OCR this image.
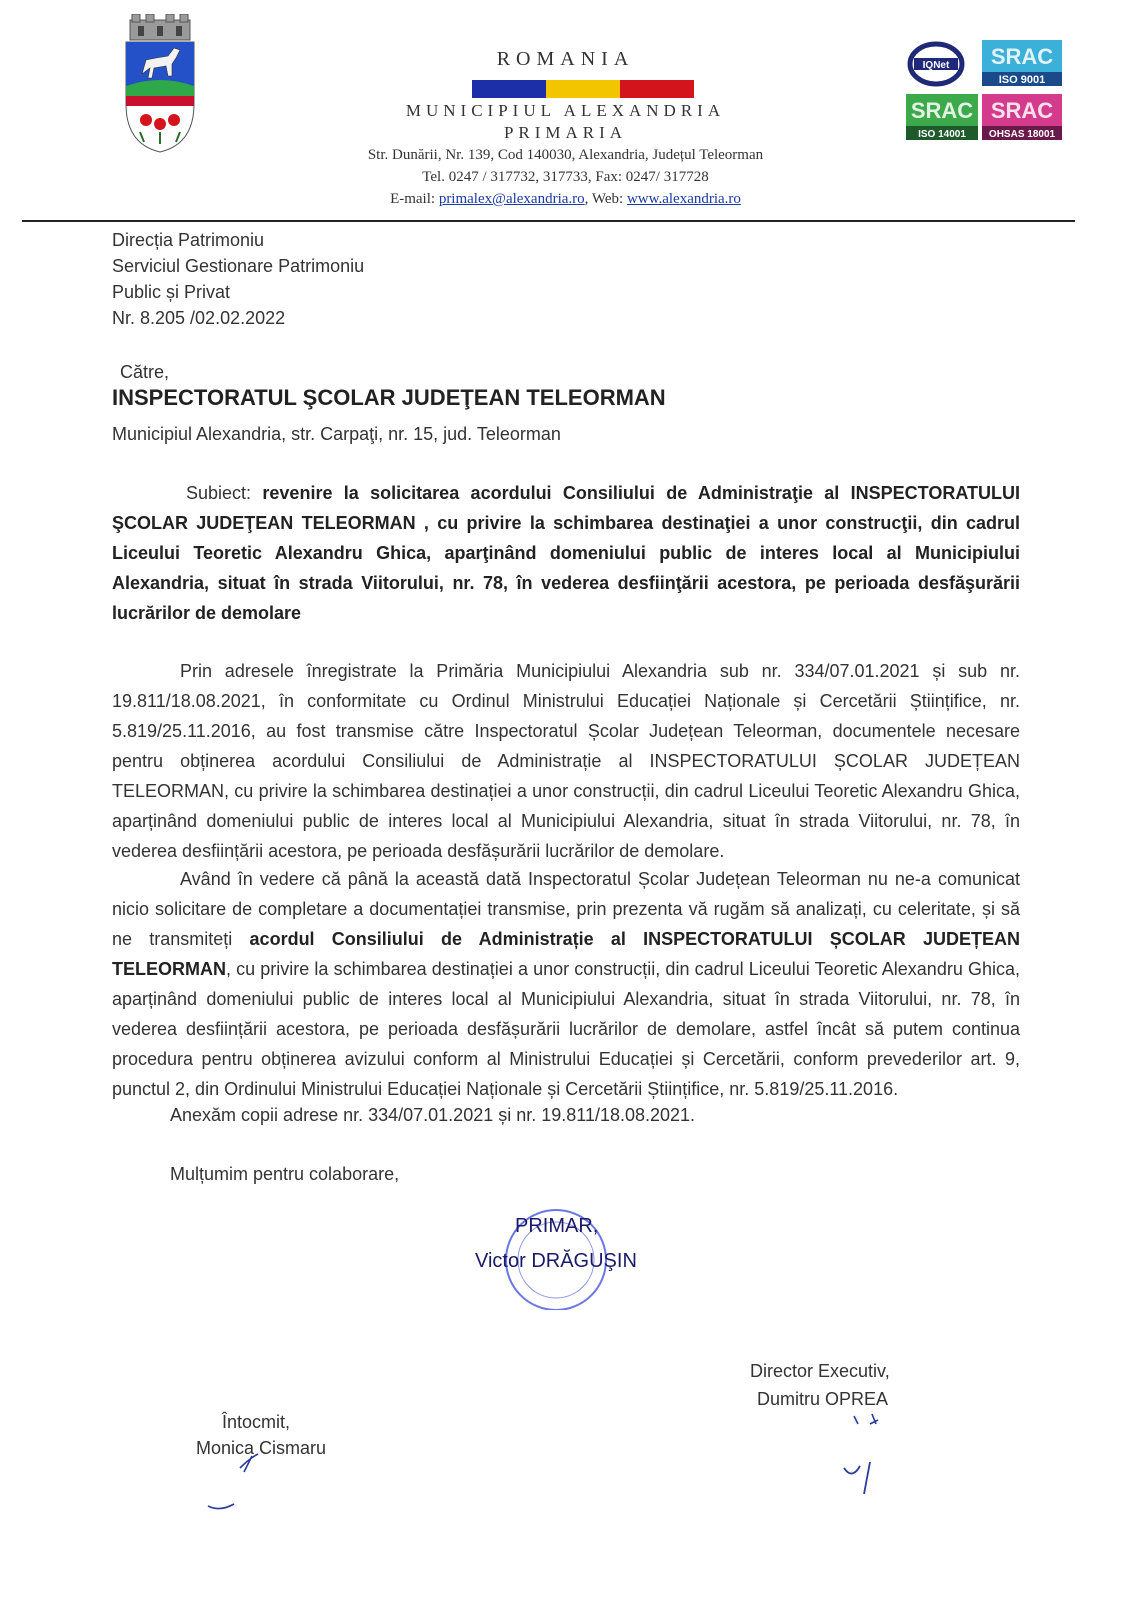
ROMANIA
MUNICIPIUL ALEXANDRIA
PRIMARIA
Str. Dunării, Nr. 139, Cod 140030, Alexandria, Județul Teleorman
Tel. 0247 / 317732, 317733, Fax: 0247/ 317728
E-mail: primalex@alexandria.ro, Web: www.alexandria.ro
IQNet SRAC
ISO 9001
SRAC
ISO 14001
SRAC
OHSAS 18001
Direcția Patrimoniu
Serviciul Gestionare Patrimoniu
Public și Privat
Nr. 8.205 /02.02.2022
Către,
INSPECTORATUL ŞCOLAR JUDEŢEAN TELEORMAN
Municipiul Alexandria, str. Carpaţi, nr. 15, jud. Teleorman
Subiect: revenire la solicitarea acordului Consiliului de Administraţie al INSPECTORATULUI ŞCOLAR JUDEŢEAN TELEORMAN , cu privire la schimbarea destinaţiei a unor construcţii, din cadrul Liceului Teoretic Alexandru Ghica, aparţinând domeniului public de interes local al Municipiului Alexandria, situat în strada Viitorului, nr. 78, în vederea desfiinţării acestora, pe perioada desfăşurării lucrărilor de demolare
Prin adresele înregistrate la Primăria Municipiului Alexandria sub nr. 334/07.01.2021 și sub nr. 19.811/18.08.2021, în conformitate cu Ordinul Ministrului Educației Naționale și Cercetării Științifice, nr. 5.819/25.11.2016, au fost transmise către Inspectoratul Școlar Județean Teleorman, documentele necesare pentru obținerea acordului Consiliului de Administrație al INSPECTORATULUI ȘCOLAR JUDEȚEAN TELEORMAN, cu privire la schimbarea destinației a unor construcții, din cadrul Liceului Teoretic Alexandru Ghica, aparținând domeniului public de interes local al Municipiului Alexandria, situat în strada Viitorului, nr. 78, în vederea desființării acestora, pe perioada desfășurării lucrărilor de demolare.
Având în vedere că până la această dată Inspectoratul Școlar Județean Teleorman nu ne-a comunicat nicio solicitare de completare a documentației transmise, prin prezenta vă rugăm să analizați, cu celeritate, și să ne transmiteți acordul Consiliului de Administrație al INSPECTORATULUI ȘCOLAR JUDEȚEAN TELEORMAN, cu privire la schimbarea destinației a unor construcții, din cadrul Liceului Teoretic Alexandru Ghica, aparținând domeniului public de interes local al Municipiului Alexandria, situat în strada Viitorului, nr. 78, în vederea desființării acestora, pe perioada desfășurării lucrărilor de demolare, astfel încât să putem continua procedura pentru obținerea avizului conform al Ministrului Educației și Cercetării, conform prevederilor art. 9, punctul 2, din Ordinului Ministrului Educației Naționale și Cercetării Științifice, nr. 5.819/25.11.2016.
Anexăm copii adrese nr. 334/07.01.2021 și nr. 19.811/18.08.2021.
Mulțumim pentru colaborare,
PRIMAR,
Victor DRĂGUŞIN
Director Executiv,
Dumitru OPREA
Întocmit,
Monica Cismaru
